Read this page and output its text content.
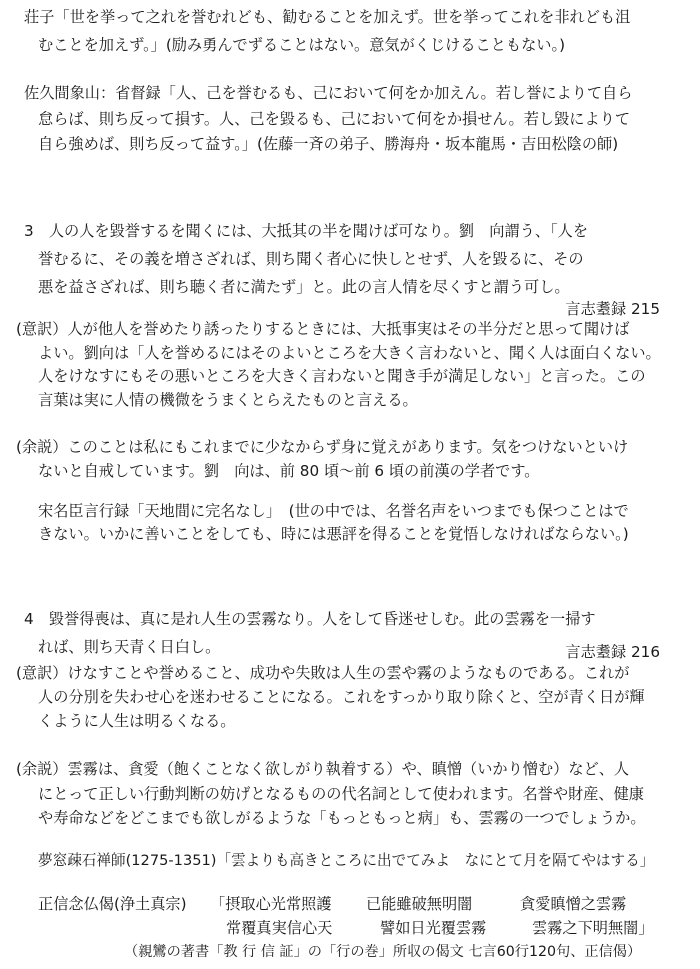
荘子「世を挙って之れを誉むれども、勧むることを加えず。世を挙ってこれを非れども沮
むことを加えず。」(励み勇んでずることはない。意気がくじけることもない。)
佐久間象山：省督録「人、己を誉むるも、己において何をか加えん。若し誉によりて自ら
怠らば、則ち反って損す。人、己を毀るも、己において何をか損せん。若し毀によりて
自ら強めば、則ち反って益す。」(佐藤一斉の弟子、勝海舟・坂本龍馬・吉田松陰の師)
3　人の人を毀誉するを聞くには、大抵其の半を聞けば可なり。劉　向謂う、「人を
誉むるに、その義を増さざれば、則ち聞く者心に快しとせず、人を毀るに、その
悪を益さざれば、則ち聴く者に満たず」と。此の言人情を尽くすと謂う可し。
言志耋録 215
(意訳）人が他人を誉めたり誘ったりするときには、大抵事実はその半分だと思って聞けば
よい。劉向は「人を誉めるにはそのよいところを大きく言わないと、聞く人は面白くない。
人をけなすにもその悪いところを大きく言わないと聞き手が満足しない」と言った。この
言葉は実に人情の機微をうまくとらえたものと言える。
(余説）このことは私にもこれまでに少なからず身に覚えがあります。気をつけないといけ
ないと自戒しています。劉　向は、前 80 頃～前 6 頃の前漢の学者です。
宋名臣言行録「天地間に完名なし」　(世の中では、名誉名声をいつまでも保つことはで
きない。いかに善いことをしても、時には悪評を得ることを覚悟しなければならない。)
4　毀誉得喪は、真に是れ人生の雲霧なり。人をして昏迷せしむ。此の雲霧を一掃す
れば、則ち天青く日白し。	言志耋録 216
(意訳）けなすことや誉めること、成功や失敗は人生の雲や霧のようなものである。これが
人の分別を失わせ心を迷わせることになる。これをすっかり取り除くと、空が青く日が輝
くように人生は明るくなる。
(余説）雲霧は、貪愛（飽くことなく欲しがり執着する）や、瞋憎（いかり憎む）など、人
にとって正しい行動判断の妨げとなるものの代名詞として使われます。名誉や財産、健康
や寿命などをどこまでも欲しがるような「もっともっと病」も、雲霧の一つでしょうか。
夢窓疎石禅師(1275-1351)「雲よりも高きところに出でてみよ　なにとて月を隔てやはする」
正信念仏偈(浄土真宗) 「摂取心光常照護 已能雖破無明闇	貪愛瞋憎之雲霧
常覆真実信心天	譬如日光覆雲霧	雲霧之下明無闇」
（親鸞の著書「教 行 信 証」の「行の巻」所収の偈文 七言60行120句、正信偈）
